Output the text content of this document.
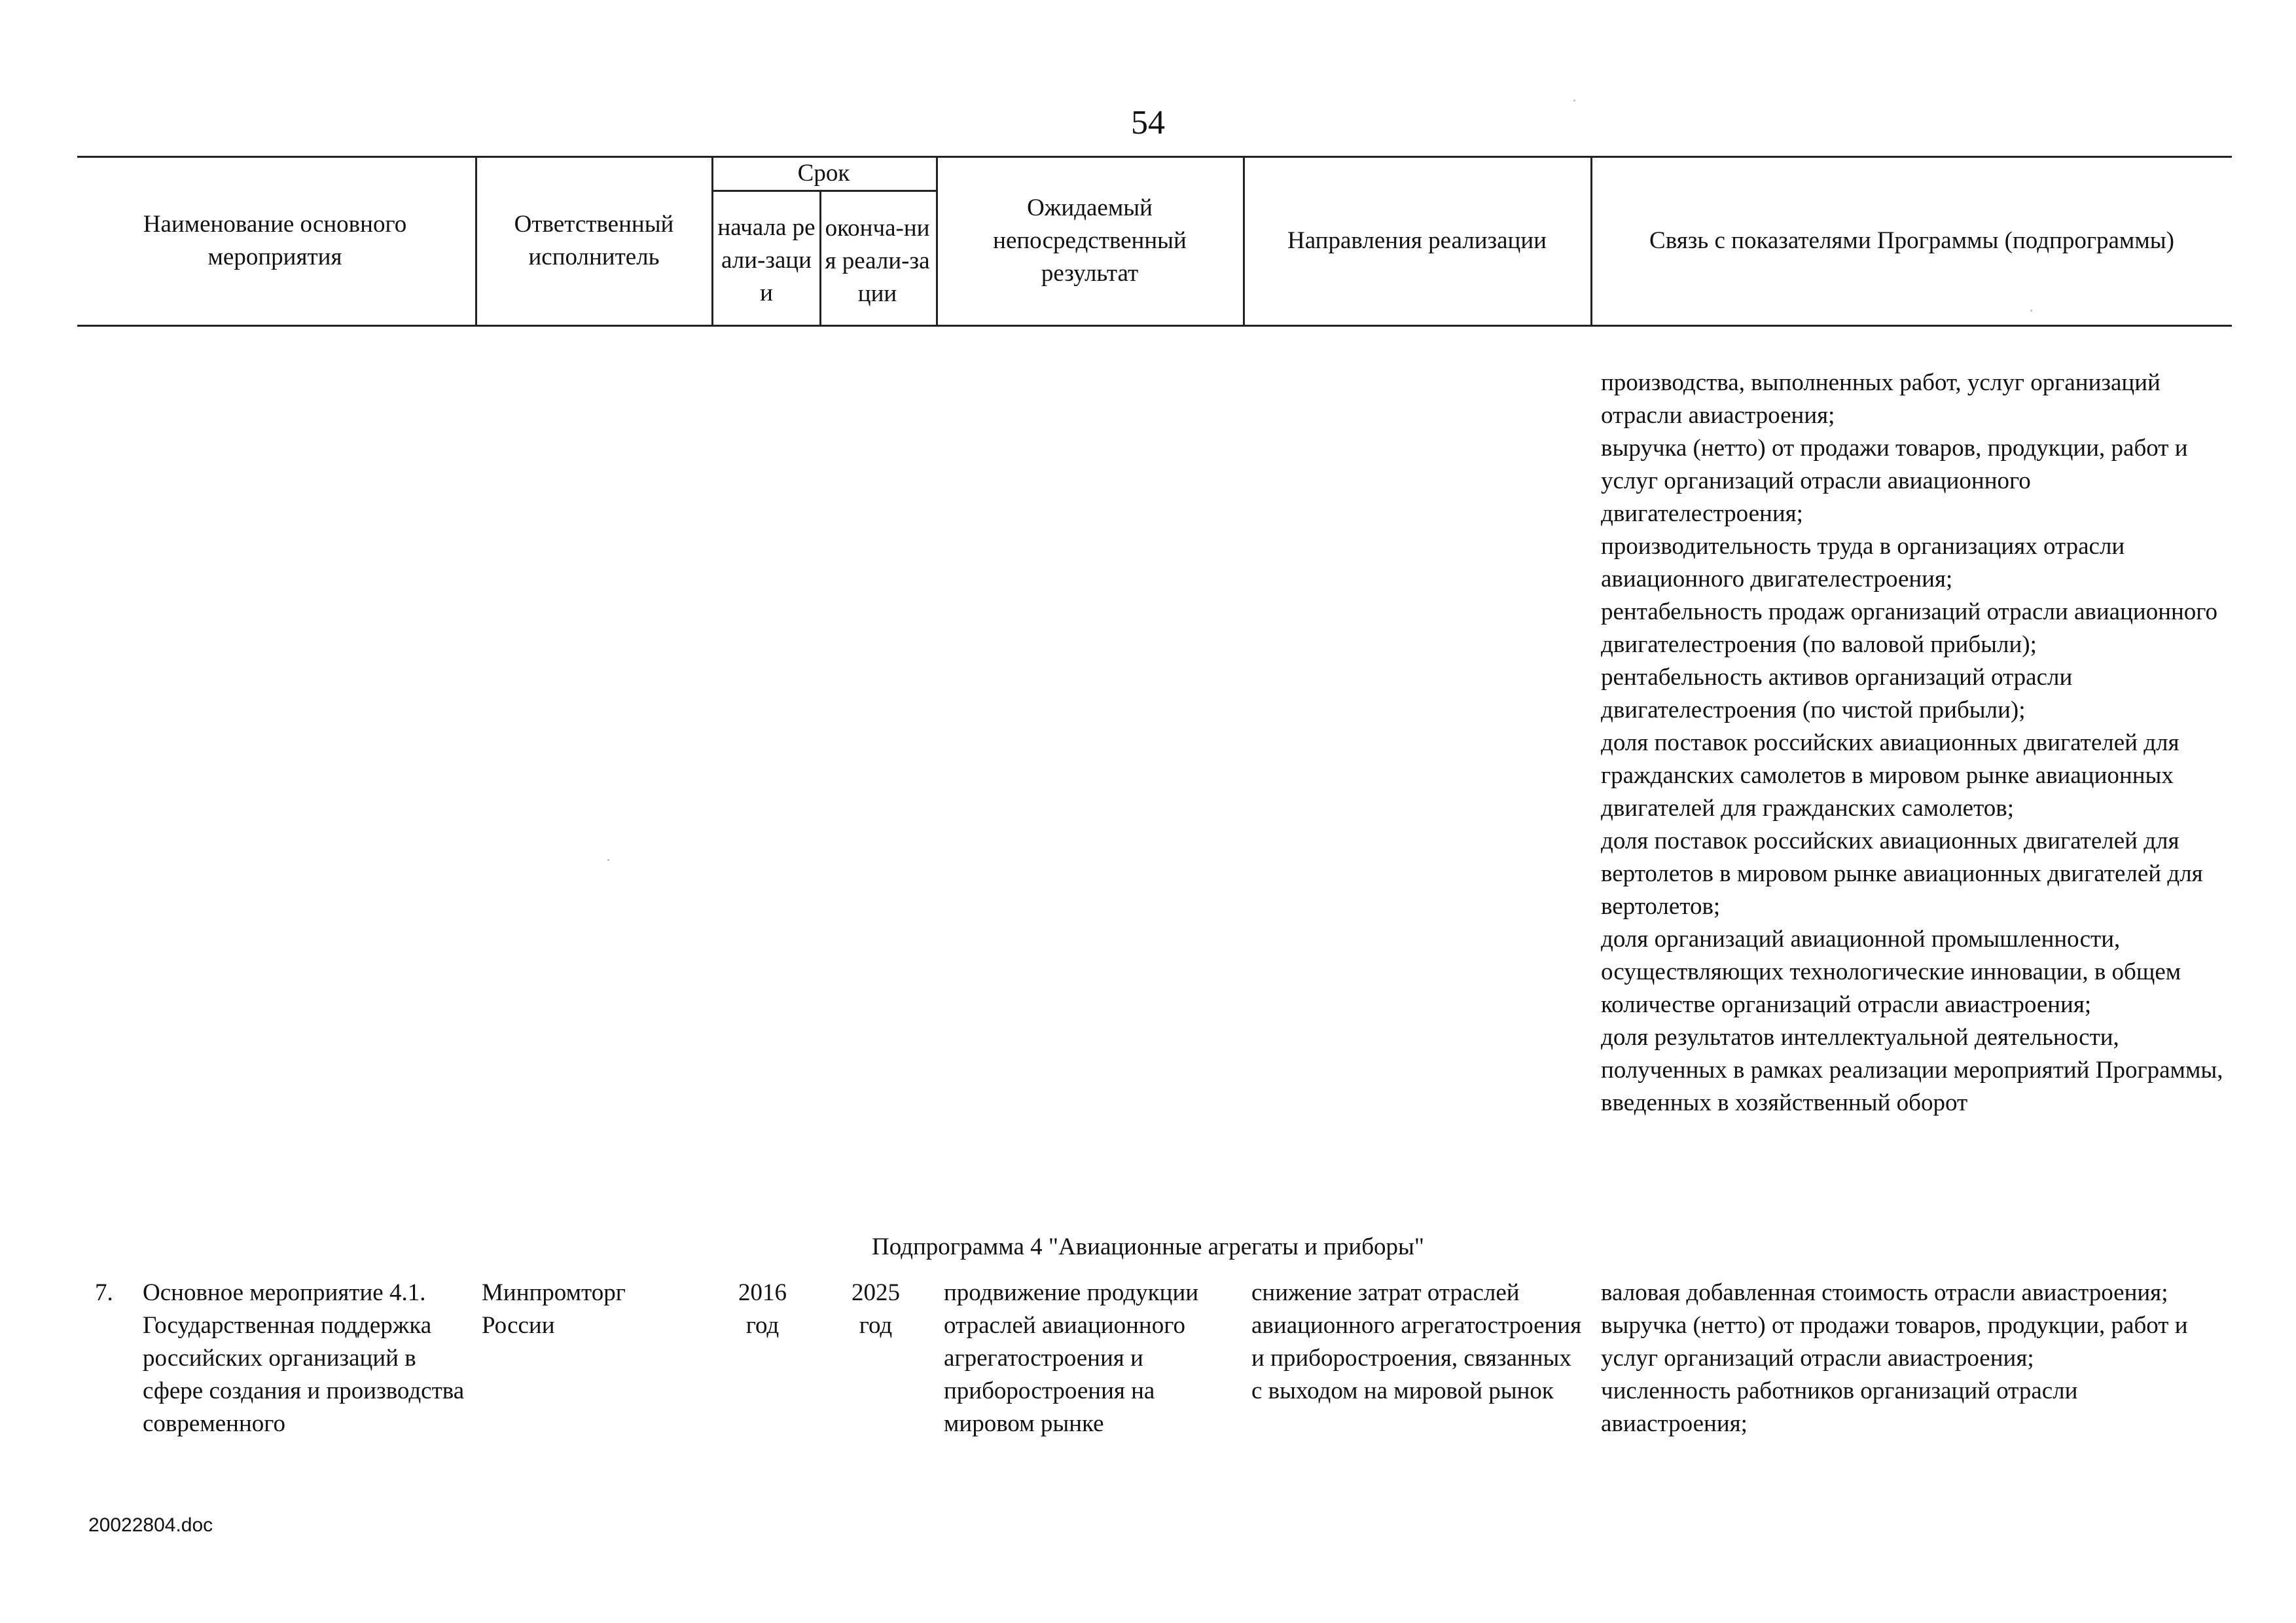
54
Наименование основного мероприятия
Ответственный исполнитель
Срок
начала реали-зации
оконча-ния реали-зации
Ожидаемый непосредственный результат
Направления реализации	Связь с показателями Программы (подпрограммы)
производства, выполненных работ, услуг организаций отрасли авиастроения;
выручка (нетто) от продажи товаров, продукции, работ и услуг организаций отрасли авиационного двигателестроения;
производительность труда в организациях отрасли авиационного двигателестроения;
рентабельность продаж организаций отрасли авиационного двигателестроения (по валовой прибыли);
рентабельность активов организаций отрасли двигателестроения (по чистой прибыли);
доля поставок российских авиационных двигателей для гражданских самолетов в мировом рынке авиационных двигателей для гражданских самолетов;
доля поставок российских авиационных двигателей для вертолетов в мировом рынке авиационных двигателей для вертолетов;
доля организаций авиационной промышленности, осуществляющих технологические инновации, в общем количестве организаций отрасли авиастроения;
доля результатов интеллектуальной деятельности, полученных в рамках реализации мероприятий Программы, введенных в хозяйственный оборот
Подпрограмма 4 "Авиационные агрегаты и приборы"
7.	Основное мероприятие 4.1. Государственная поддержка российских организаций в сфере создания и производства современного
Минпромторг России
2016 год
2025 год
продвижение продукции отраслей авиационного агрегатостроения и приборостроения на мировом рынке
снижение затрат отраслей авиационного агрегатостроения и приборостроения, связанных с выходом на мировой рынок
валовая добавленная стоимость отрасли авиастроения;
выручка (нетто) от продажи товаров, продукции, работ и услуг организаций отрасли авиастроения;
численность работников организаций отрасли авиастроения;
20022804.doc
